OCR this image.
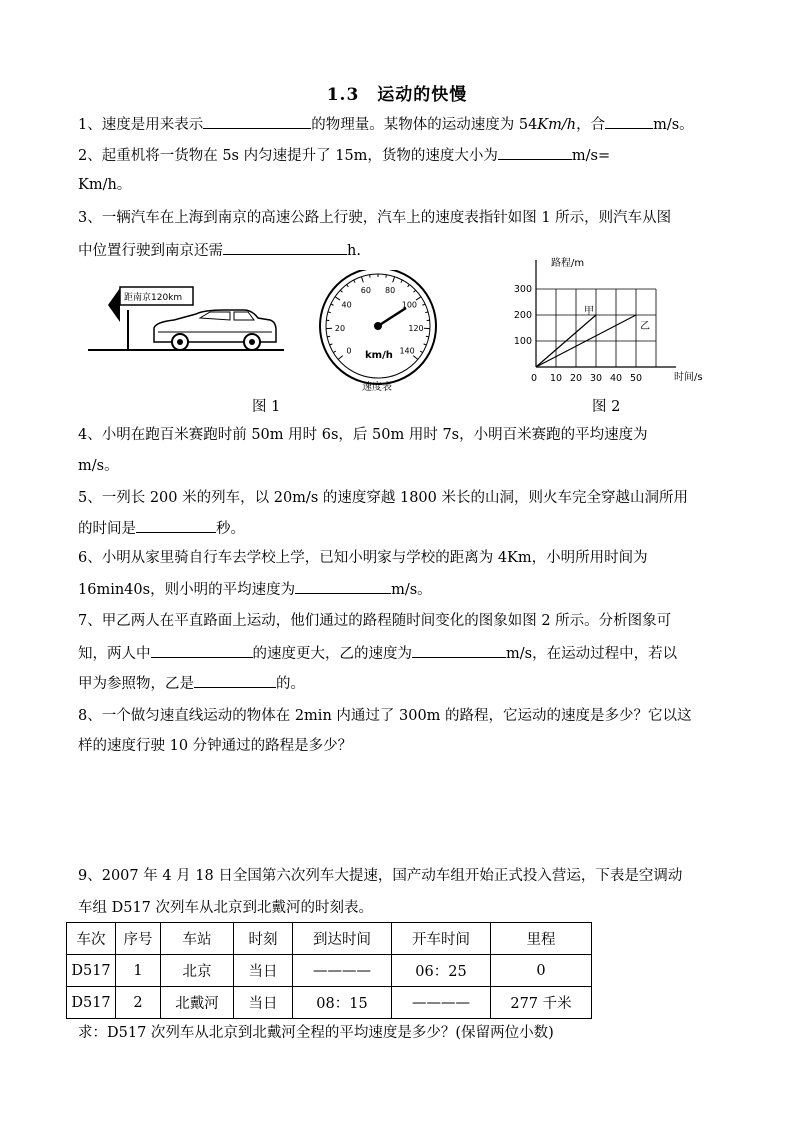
1.3　运动的快慢
1、速度是用来表示	的物理量。某物体的运动速度为 54Km/h，合	m/s。
2、起重机将一货物在 5s 内匀速提升了 15m，货物的速度大小为	m/s=
Km/h。
3、一辆汽车在上海到南京的高速公路上行驶，汽车上的速度表指针如图 1 所示，则汽车从图
中位置行驶到南京还需	h.
距南京120km
0
20
40
60 80
100
120
140
km/h
速度表
图 1
路程/m
时间/s
300
200
100
0 10 20 30 40 50
甲
乙
图 2
4、小明在跑百米赛跑时前 50m 用时 6s，后 50m 用时 7s，小明百米赛跑的平均速度为
m/s。
5、一列长 200 米的列车，以 20m/s 的速度穿越 1800 米长的山洞，则火车完全穿越山洞所用
的时间是	秒。
6、小明从家里骑自行车去学校上学，已知小明家与学校的距离为 4Km，小明所用时间为
16min40s，则小明的平均速度为	m/s。
7、甲乙两人在平直路面上运动，他们通过的路程随时间变化的图象如图 2 所示。分析图象可
知，两人中	的速度更大，乙的速度为	m/s，在运动过程中，若以
甲为参照物，乙是	的。
8、一个做匀速直线运动的物体在 2min 内通过了 300m 的路程，它运动的速度是多少？它以这
样的速度行驶 10 分钟通过的路程是多少？
9、2007 年 4 月 18 日全国第六次列车大提速，国产动车组开始正式投入营运，下表是空调动
车组 D517 次列车从北京到北戴河的时刻表。
车次	序号	车站	时刻	到达时间	开车时间	里程
D517	1	北京	当日	————	06：25	0
D517	2	北戴河	当日	08：15	————	277 千米
求：D517 次列车从北京到北戴河全程的平均速度是多少？(保留两位小数)
